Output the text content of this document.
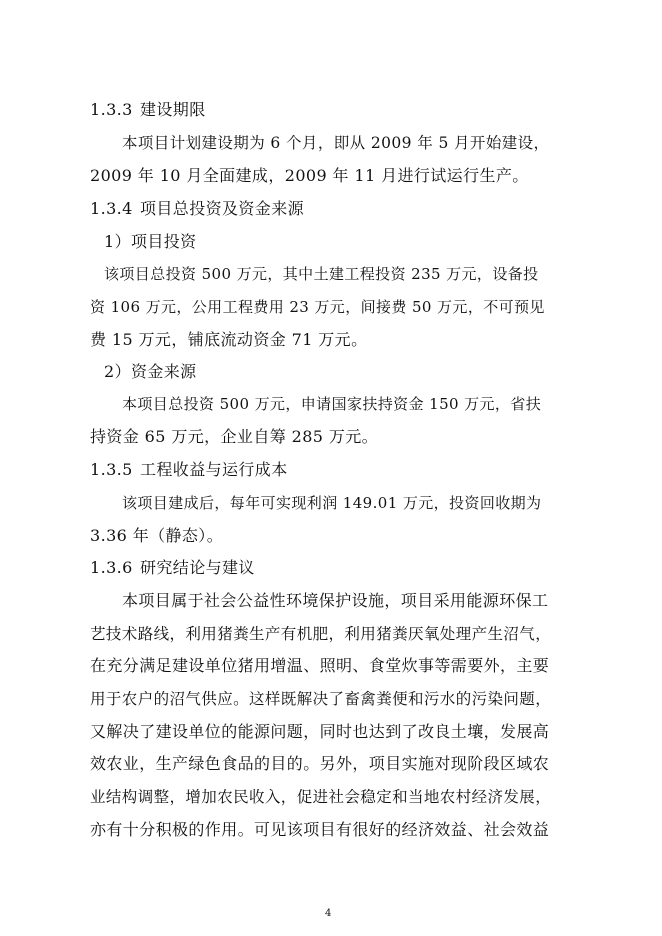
1.3.3 建设期限
本项目计划建设期为 6 个月，即从 2009 年 5 月开始建设，
2009 年 10 月全面建成，2009 年 11 月进行试运行生产。
1.3.4 项目总投资及资金来源
1）项目投资
该项目总投资 500 万元，其中土建工程投资 235 万元，设备投
资 106 万元，公用工程费用 23 万元，间接费 50 万元，不可预见
费 15 万元，铺底流动资金 71 万元。
2）资金来源
本项目总投资 500 万元，申请国家扶持资金 150 万元，省扶
持资金 65 万元，企业自筹 285 万元。
1.3.5 工程收益与运行成本
该项目建成后，每年可实现利润 149.01 万元，投资回收期为
3.36 年（静态）。
1.3.6 研究结论与建议
本项目属于社会公益性环境保护设施，项目采用能源环保工
艺技术路线，利用猪粪生产有机肥，利用猪粪厌氧处理产生沼气，
在充分满足建设单位猪用增温、照明、食堂炊事等需要外，主要
用于农户的沼气供应。这样既解决了畜禽粪便和污水的污染问题，
又解决了建设单位的能源问题，同时也达到了改良土壤，发展高
效农业，生产绿色食品的目的。另外，项目实施对现阶段区域农
业结构调整，增加农民收入，促进社会稳定和当地农村经济发展，
亦有十分积极的作用。可见该项目有很好的经济效益、社会效益
4
